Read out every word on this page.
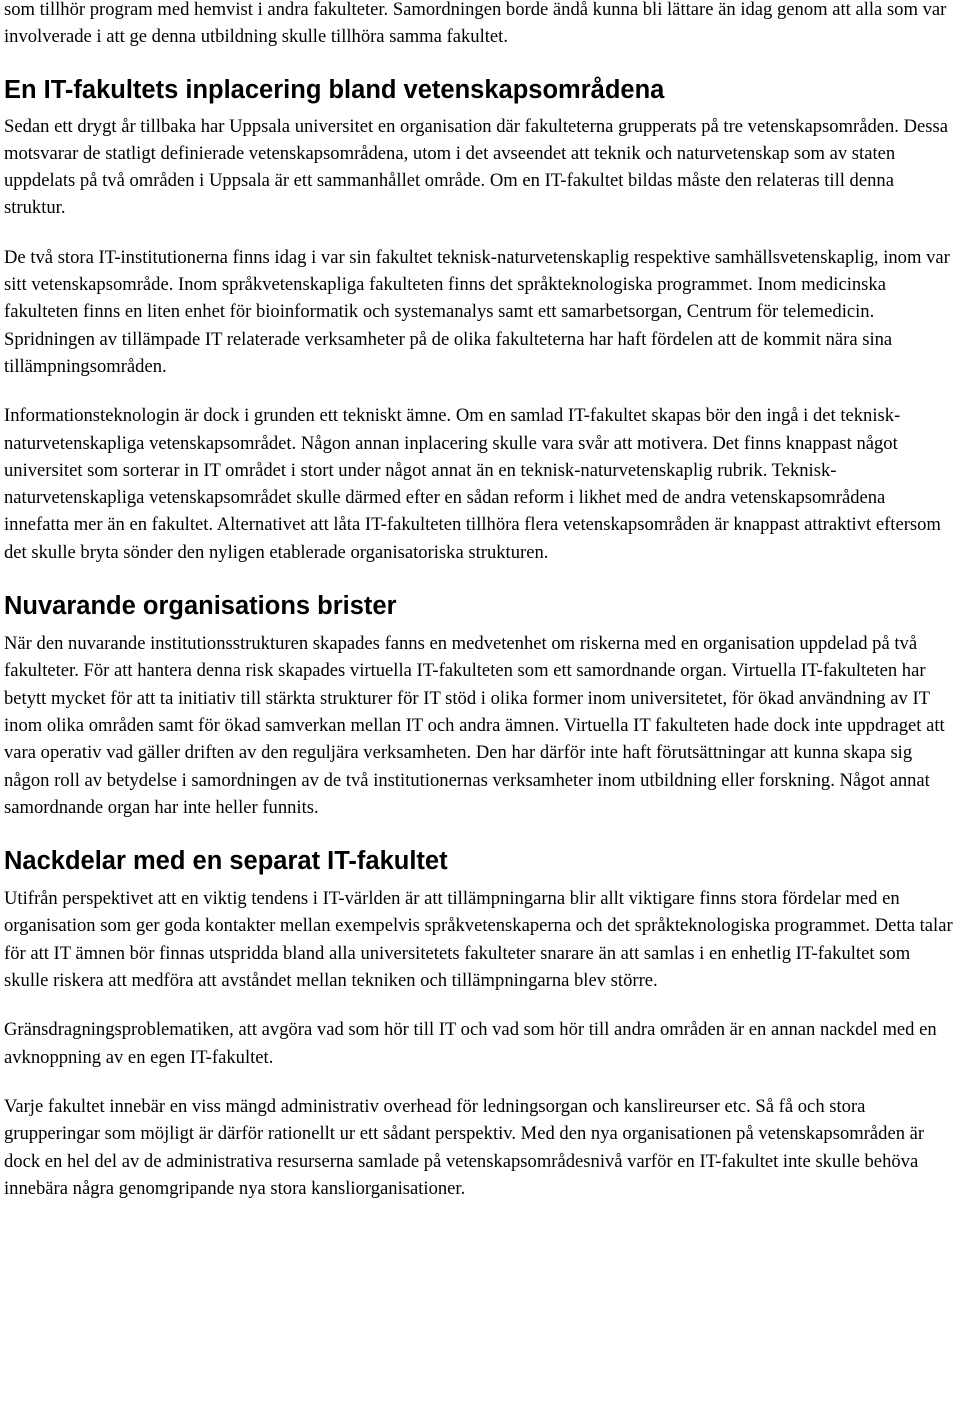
som tillhör program med hemvist i andra fakulteter. Samordningen borde ändå kunna bli lättare än idag genom att alla som var involverade i att ge denna utbildning skulle tillhöra samma fakultet.

En IT-fakultets inplacering bland vetenskapsområdena

Sedan ett drygt år tillbaka har Uppsala universitet en organisation där fakulteterna grupperats på tre vetenskapsområden. Dessa motsvarar de statligt definierade vetenskapsområdena, utom i det avseendet att teknik och naturvetenskap som av staten uppdelats på två områden i Uppsala är ett sammanhållet område. Om en IT-fakultet bildas måste den relateras till denna struktur.

De två stora IT-institutionerna finns idag i var sin fakultet teknisk-naturvetenskaplig respektive samhällsvetenskaplig, inom var sitt vetenskapsområde. Inom språkvetenskapliga fakulteten finns det språkteknologiska programmet. Inom medicinska fakulteten finns en liten enhet för bioinformatik och systemanalys samt ett samarbetsorgan, Centrum för telemedicin. Spridningen av tillämpade IT relaterade verksamheter på de olika fakulteterna har haft fördelen att de kommit nära sina tillämpningsområden.

Informationsteknologin är dock i grunden ett tekniskt ämne. Om en samlad IT-fakultet skapas bör den ingå i det teknisk-naturvetenskapliga vetenskapsområdet. Någon annan inplacering skulle vara svår att motivera. Det finns knappast något universitet som sorterar in IT området i stort under något annat än en teknisk-naturvetenskaplig rubrik. Teknisk-naturvetenskapliga vetenskapsområdet skulle därmed efter en sådan reform i likhet med de andra vetenskapsområdena innefatta mer än en fakultet. Alternativet att låta IT-fakulteten tillhöra flera vetenskapsområden är knappast attraktivt eftersom det skulle bryta sönder den nyligen etablerade organisatoriska strukturen.

Nuvarande organisations brister

När den nuvarande institutionsstrukturen skapades fanns en medvetenhet om riskerna med en organisation uppdelad på två fakulteter. För att hantera denna risk skapades virtuella IT-fakulteten som ett samordnande organ. Virtuella IT-fakulteten har betytt mycket för att ta initiativ till stärkta strukturer för IT stöd i olika former inom universitetet, för ökad användning av IT inom olika områden samt för ökad samverkan mellan IT och andra ämnen. Virtuella IT fakulteten hade dock inte uppdraget att vara operativ vad gäller driften av den reguljära verksamheten. Den har därför inte haft förutsättningar att kunna skapa sig någon roll av betydelse i samordningen av de två institutionernas verksamheter inom utbildning eller forskning. Något annat samordnande organ har inte heller funnits.

Nackdelar med en separat IT-fakultet

Utifrån perspektivet att en viktig tendens i IT-världen är att tillämpningarna blir allt viktigare finns stora fördelar med en organisation som ger goda kontakter mellan exempelvis språkvetenskaperna och det språkteknologiska programmet. Detta talar för att IT ämnen bör finnas utspridda bland alla universitetets fakulteter snarare än att samlas i en enhetlig IT-fakultet som skulle riskera att medföra att avståndet mellan tekniken och tillämpningarna blev större.

Gränsdragningsproblematiken, att avgöra vad som hör till IT och vad som hör till andra områden är en annan nackdel med en avknoppning av en egen IT-fakultet.

Varje fakultet innebär en viss mängd administrativ overhead för ledningsorgan och kanslireurser etc. Så få och stora grupperingar som möjligt är därför rationellt ur ett sådant perspektiv. Med den nya organisationen på vetenskapsområden är dock en hel del av de administrativa resurserna samlade på vetenskapsområdesnivå varför en IT-fakultet inte skulle behöva innebära några genomgripande nya stora kansliorganisationer.
